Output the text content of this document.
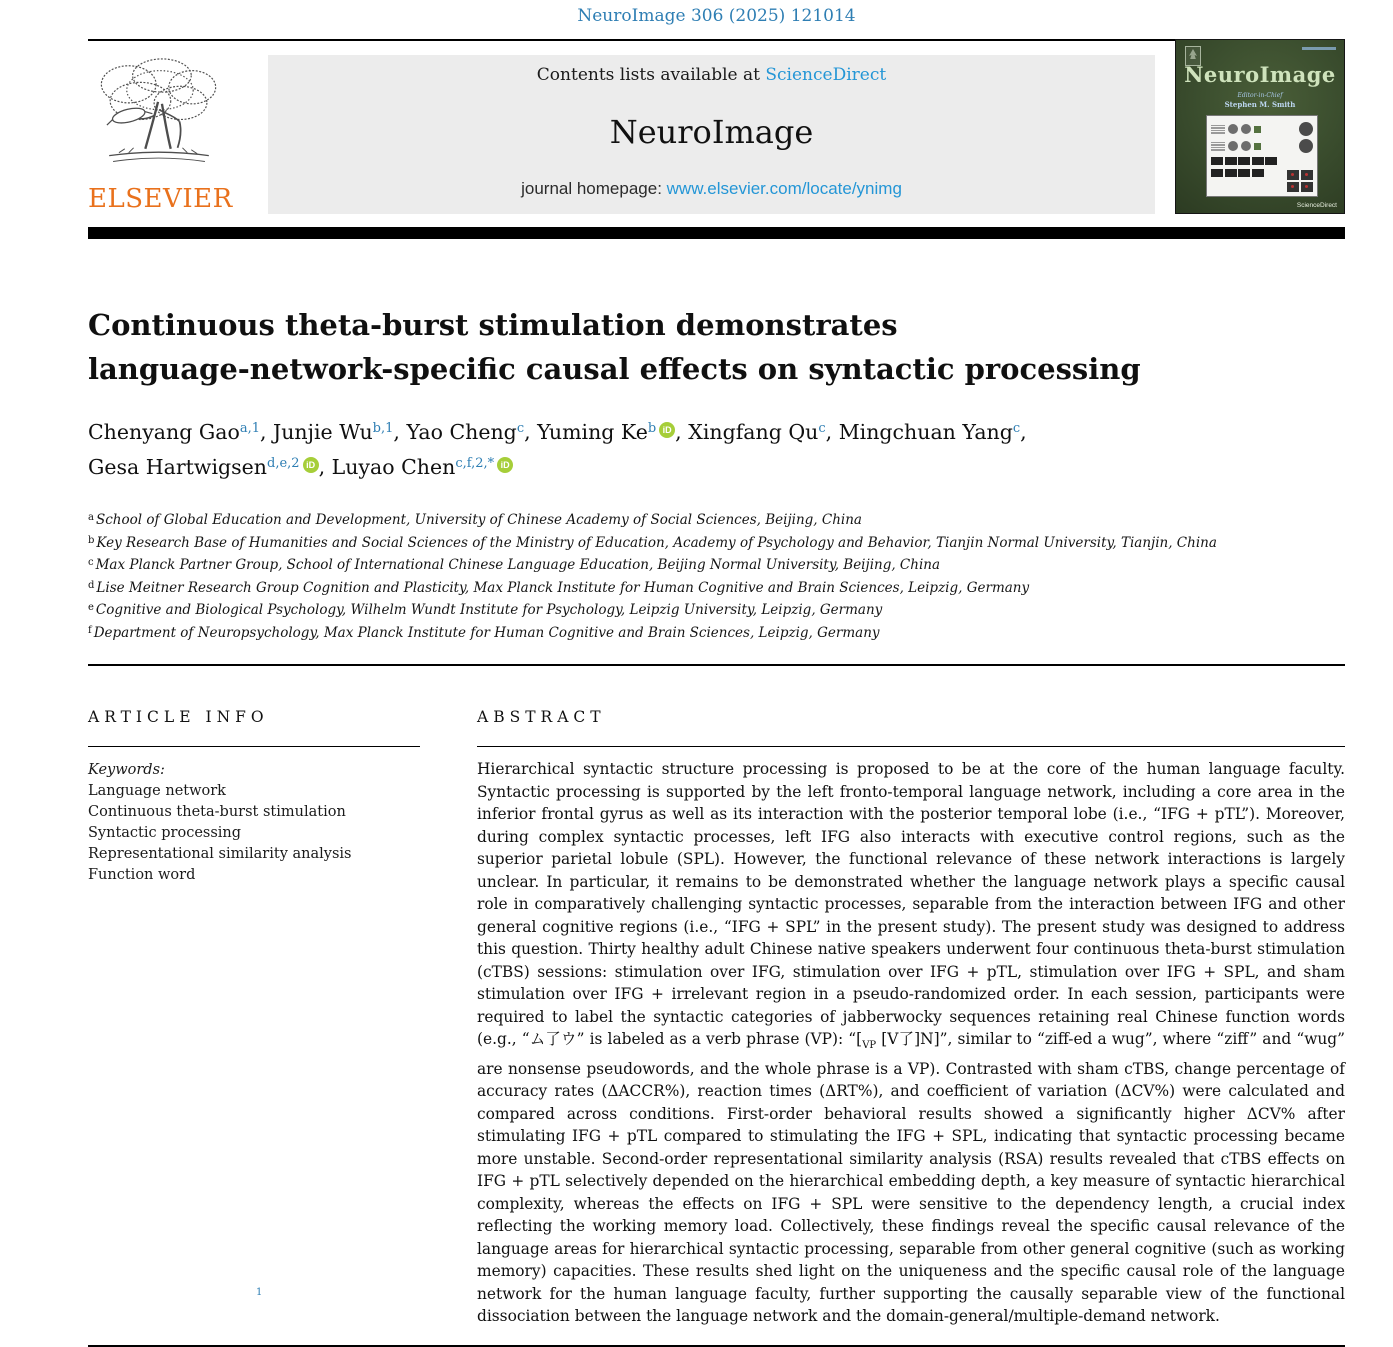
NeuroImage 306 (2025) 121014
ELSEVIER
Contents lists available at ScienceDirect
NeuroImage
journal homepage: www.elsevier.com/locate/ynimg
NeuroImage
Editor-in-Chief
Stephen M. Smith
ScienceDirect
Continuous theta-burst stimulation demonstrates
language-network-specific causal effects on syntactic processing
Chenyang Gao$^{a,1}$, Junjie Wu$^{b,1}$, Yao Cheng$^c$, Yuming Ke$^b$ iD , Xingfang Qu$^c$, Mingchuan Yang$^c$,
Gesa Hartwigsen$^{d,e,2}$ iD , Luyao Chen$^{c,f,2,*}$ iD
$^a$ School of Global Education and Development, University of Chinese Academy of Social Sciences, Beijing, China
$^b$ Key Research Base of Humanities and Social Sciences of the Ministry of Education, Academy of Psychology and Behavior, Tianjin Normal University, Tianjin, China
$^c$ Max Planck Partner Group, School of International Chinese Language Education, Beijing Normal University, Beijing, China
$^d$ Lise Meitner Research Group Cognition and Plasticity, Max Planck Institute for Human Cognitive and Brain Sciences, Leipzig, Germany
$^e$ Cognitive and Biological Psychology, Wilhelm Wundt Institute for Psychology, Leipzig University, Leipzig, Germany
$^f$ Department of Neuropsychology, Max Planck Institute for Human Cognitive and Brain Sciences, Leipzig, Germany
ARTICLE INFO
Keywords:
Language network
Continuous theta-burst stimulation
Syntactic processing
Representational similarity analysis
Function word
ABSTRACT
Hierarchical syntactic structure processing is proposed to be at the core of the human language faculty. Syntactic processing is supported by the left fronto-temporal language network, including a core area in the inferior frontal gyrus as well as its interaction with the posterior temporal lobe (i.e., “IFG + pTL”). Moreover, during complex syntactic processes, left IFG also interacts with executive control regions, such as the superior parietal lobule (SPL). However, the functional relevance of these network interactions is largely unclear. In particular, it remains to be demonstrated whether the language network plays a specific causal role in comparatively challenging syntactic processes, separable from the interaction between IFG and other general cognitive regions (i.e., “IFG + SPL” in the present study). The present study was designed to address this question. Thirty healthy adult Chinese native speakers underwent four continuous theta-burst stimulation (cTBS) sessions: stimulation over IFG, stimulation over IFG + pTL, stimulation over IFG + SPL, and sham stimulation over IFG + irrelevant region in a pseudo-randomized order. In each session, participants were required to label the syntactic categories of jabberwocky sequences retaining real Chinese function words (e.g., “ム了ウ” is labeled as a verb phrase (VP): “[$_{VP}$ [V了]N]”, similar to “ziff-ed a wug”, where “ziff” and “wug” are nonsense pseudowords, and the whole phrase is a VP). Contrasted with sham cTBS, change percentage of accuracy rates (ΔACCR%), reaction times (ΔRT%), and coefficient of variation (ΔCV%) were calculated and compared across conditions. First-order behavioral results showed a significantly higher ΔCV% after stimulating IFG + pTL compared to stimulating the IFG + SPL, indicating that syntactic processing became more unstable. Second-order representational similarity analysis (RSA) results revealed that cTBS effects on IFG + pTL selectively depended on the hierarchical embedding depth, a key measure of syntactic hierarchical complexity, whereas the effects on IFG + SPL were sensitive to the dependency length, a crucial index reflecting the working memory load. Collectively, these findings reveal the specific causal relevance of the language areas for hierarchical syntactic processing, separable from other general cognitive (such as working memory) capacities. These results shed light on the uniqueness and the specific causal role of the language network for the human language faculty, further supporting the causally separable view of the functional dissociation between the language network and the domain-general/multiple-demand network.
1
